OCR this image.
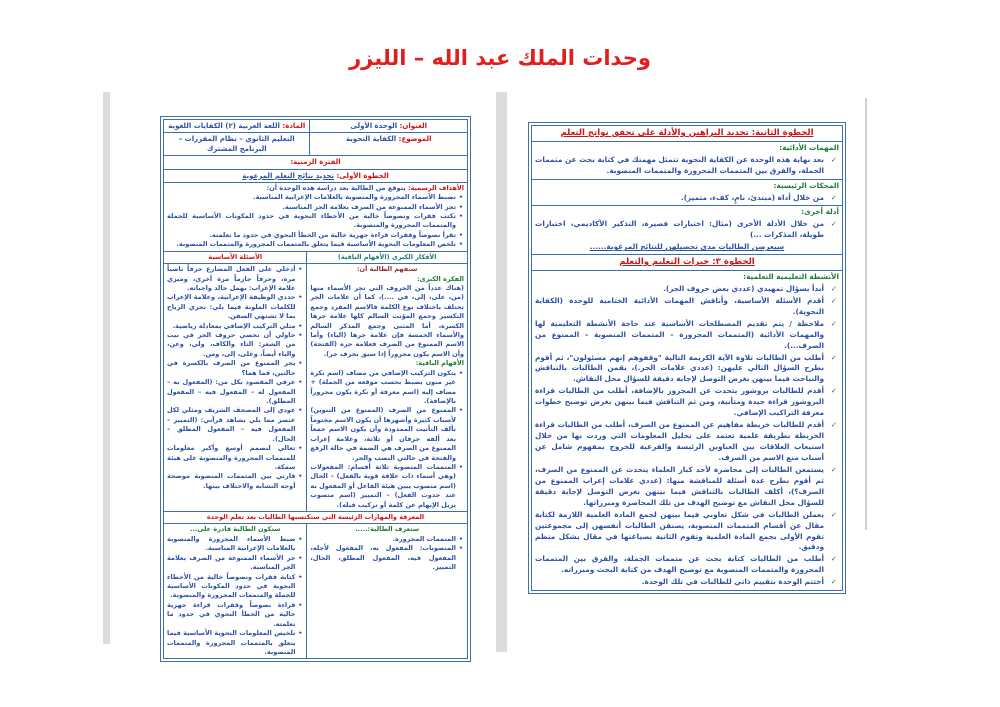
وحدات الملك عبد الله – الليزر
العنوان: الوحدة الأولى
المادة: اللغة العربية (٢) الكفايات اللغوية
الموضوع: الكفاية النحوية
التعليم الثانوي – نظام المقررات – البرنامج المشترك
الفترة الزمنية:
الخطوة الأولى: تحديد نتائج التعلم المرغوبة
الأهداف الرسمية: يتوقع من الطالبة بعد دراسة هذه الوحدة أن:
• تضبط الأسماء المجرورة والمنصوبة بالعلامات الإعرابية المناسبة.
• تجر الأسماء الممنوعة من الصرف بعلامة الجر المناسبة.
• تكتب فقرات ونصوصاً خالية من الأخطاء النحوية في حدود المكونات الأساسية للجملة والمتممات المجرورة والمنصوبة.
• تقرأ نصوصاً وفقرات قراءة جهرية خالية من الخطأ النحوي في حدود ما تعلمته.
• تلخص المعلومات النحوية الأساسية فيما يتعلق بالمتممات المجرورة والمتممات المنصوبة.
الأفكار الكبرى (الأفهام الباقية)
الأسئلة الأساسية
ستفهم الطالبة أن:
الفكرة الكبرى:
(هناك عدداً من الحروف التي تجر الأسماء منها (من، على، إلى، في ....)، كما أن علامات الجر تختلف باختلاف نوع الكلمة فالاسم المفرد وجمع التكسير وجمع المؤنث السالم كلها علامة جرها الكسرة، أما المثنى وجمع المذكر السالم والأسماء الخمسة فإن علامة جرها (الياء) وأما الاسم الممنوع من الصرف فعلامة جره (الفتحة) وأن الاسم يكون مجروراً إذا سبق بحرف جر).
الأفهام الباقية:
• يتكون التركيب الإضافي من مضاف (اسم نكرة غير منون يضبط بحسب موقعه من الجملة) + مضاف إليه (اسم معرفة أو نكرة يكون مجروراً بالإضافة).
• الممنوع من الصرف (الممنوع من التنوين) لأسباب كثيرة وأشهرها أن يكون الاسم مختوماً بألف التأنيث الممدودة وأن يكون الاسم جمعاً بعد ألفه حرفان أو ثلاثة، وعلامة إعراب الممنوع من الصرف هي الضمة في حالة الرفع والفتحة في حالتي النصب والجر.
• المتممات المنصوبة ثلاثة أقسام: المفعولات (وهي أسماء ذات علاقة قوية بالفعل) – الحال (اسم منصوب يبين هيئة الفاعل أو المفعول به عند حدوث الفعل) – التمييز (اسم منصوب يزيل الإبهام عن كلمة أو تركيب قبله).
• أدخلي على الفعل المضارع حرفاً ناصباً مرة، وحرفاً جازماً مرة أخرى، وميزي علامة الإعراب: يهمل خالد واجباته.
• حددي الوظيفة الإعرابية، وعلامة الإعراب للكلمات الملونة فيما يلي: تجري الرياح بما لا تشتهي السفن.
• مثلي التركيب الإضافي بمعادلة رياضية.
• حاولي أن تحصي حروف الجر في بيت من الشعر: التاء والكاف، ولي، وعن، والباء أيضاً، وعلى، إلى، ومن.
• يجر الممنوع من الصرف بالكسرة في حالتين، فما هما؟
• عرفي المقصود بكل من: (المفعول به – المفعول له – المفعول فيه – المفعول المطلق).
• عودي إلى المصحف الشريف ومثلي لكل عنصر مما يلي بشاهد قرآني: (التمييز – المفعول فيه – المفعول المطلق – الحال).
• تعالي لنصمم أوسع وأكبر معلومات للمتممات المجرورة والمنصوبة على هيئة سمكة.
• قارني بين المتممات المنصوبة موضحة أوجه التشابه والاختلاف بينها.
المعرفة والمهارات الرئيسة التي ستكتسبها الطالبات بعد تعلم الوحدة
ستعرف الطالبة:.....
• المتممات المجرورة.
• المنصوبات: المفعول به، المفعول لأجله، المفعول فيه، المفعول المطلق، الحال، التمييز.
ستكون الطالبة قادرة على...
• ضبط الأسماء المجرورة والمنصوبة بالعلامات الإعرابية المناسبة.
• جر الأسماء الممنوعة من الصرف بعلامة الجر المناسبة.
• كتابة فقرات ونصوصاً خالية من الأخطاء النحوية في حدود المكونات الأساسية للجملة والمتممات المجرورة والمنصوبة.
• قراءة نصوصاً وفقرات قراءة جهرية خالية من الخطأ النحوي في حدود ما تعلمته.
• تلخيص المعلومات النحوية الأساسية فيما يتعلق بالمتممات المجرورة والمتممات المنصوبة.
الخطوة الثانية: تحديد البراهين والأدلة على تحقق نواتج التعلم
المهمات الأدائية:
✓ بعد نهاية هذه الوحدة عن الكفاية النحوية تتمثل مهمتك في كتابة بحث عن متممات الجملة، والفرق بين المتممات المجرورة والمتممات المنصوبة.
المحكات الرئيسية:
✓ من خلال أداة (مبتدئ، نامٍ، كفء، متميز).
أدلة أخرى:
✓ من خلال الأدلة الأخرى (مثال: اختبارات قصيرة، التذكير الأكاديمي، اختبارات طويلة، المذكرات ...)
سيعرضن الطالبات مدى تحصيلهن للنتائج المرغوبة......
الخطوة ٣: خبرات التعليم والتعلم
الأنشطة التعليمية التعلمية:
✓ أبدأ بسؤال تمهيدي (عددي بعض حروف الجر).
✓ أقدم الأسئلة الأساسية، وأناقش المهمات الأدائية الختامية للوحدة (الكفاية النحوية).
✓ ملاحظة / يتم تقديم المصطلحات الأساسية عند حاجة الأنشطة التعليمية لها والمهمات الأدائية (المتممات المجرورة – المتممات المنصوبة – الممنوع من الصرف...).
✓ أطلب من الطالبات تلاوة الآية الكريمة التالية "وقفوهم إنهم مسئولون"، ثم أقوم بطرح السؤال التالي عليهن: (عددي علامات الجر.)، يقمن الطالبات بالتناقش والتباحث فيما بينهن بغرض التوصل لإجابة دقيقة للسؤال محل النقاش.
✓ أقدم للطالبات بروشور يتحدث عن المجرور بالإضافة، أطلب من الطالبات قراءة البروشور قراءة جيدة ومتأنية، ومن ثم التناقش فيما بينهن بغرض توضيح خطوات معرفة التراكيب الإضافي.
✓ أقدم للطالبات خريطة مفاهيم عن الممنوع من الصرف، أطلب من الطالبات قراءة الخريطة بطريقة علمية تعتمد على تحليل المعلومات التي وردت بها من خلال استيعاب العلاقات بين العناوين الرئيسة والفرعية للخروج بمفهوم شامل عن أسباب منع الاسم من الصرف.
✓ يستمعن الطالبات إلى محاضرة لأحد كبار العلماء يتحدث عن الممنوع من الصرف، ثم أقوم بطرح عدة أسئلة للمناقشة منها: (عددي علامات إعراب الممنوع من الصرف؟)، أكلف الطالبات بالتناقش فيما بينهن بغرض التوصل لإجابة دقيقة للسؤال محل النقاش مع توضيح الهدف من تلك المحاضرة ومبرراتها.
✓ يعملن الطالبات في شكل تعاوني فيما بينهن لجمع المادة العلمية اللازمة لكتابة مقال عن أقسام المتممات المنصوبة، يصنفن الطالبات أنفسهن إلى مجموعتين تقوم الأولى بجمع المادة العلمية وتقوم الثانية بصياغتها في مقال بشكل منظم ودقيق.
✓ أطلب من الطالبات كتابة بحث عن متممات الجملة، والفرق بين المتممات المجرورة والمتممات المنصوبة مع توضيح الهدف من كتابة البحث ومبرراته.
✓ أختتم الوحدة بتقييم ذاتي للطالبات في تلك الوحدة.
